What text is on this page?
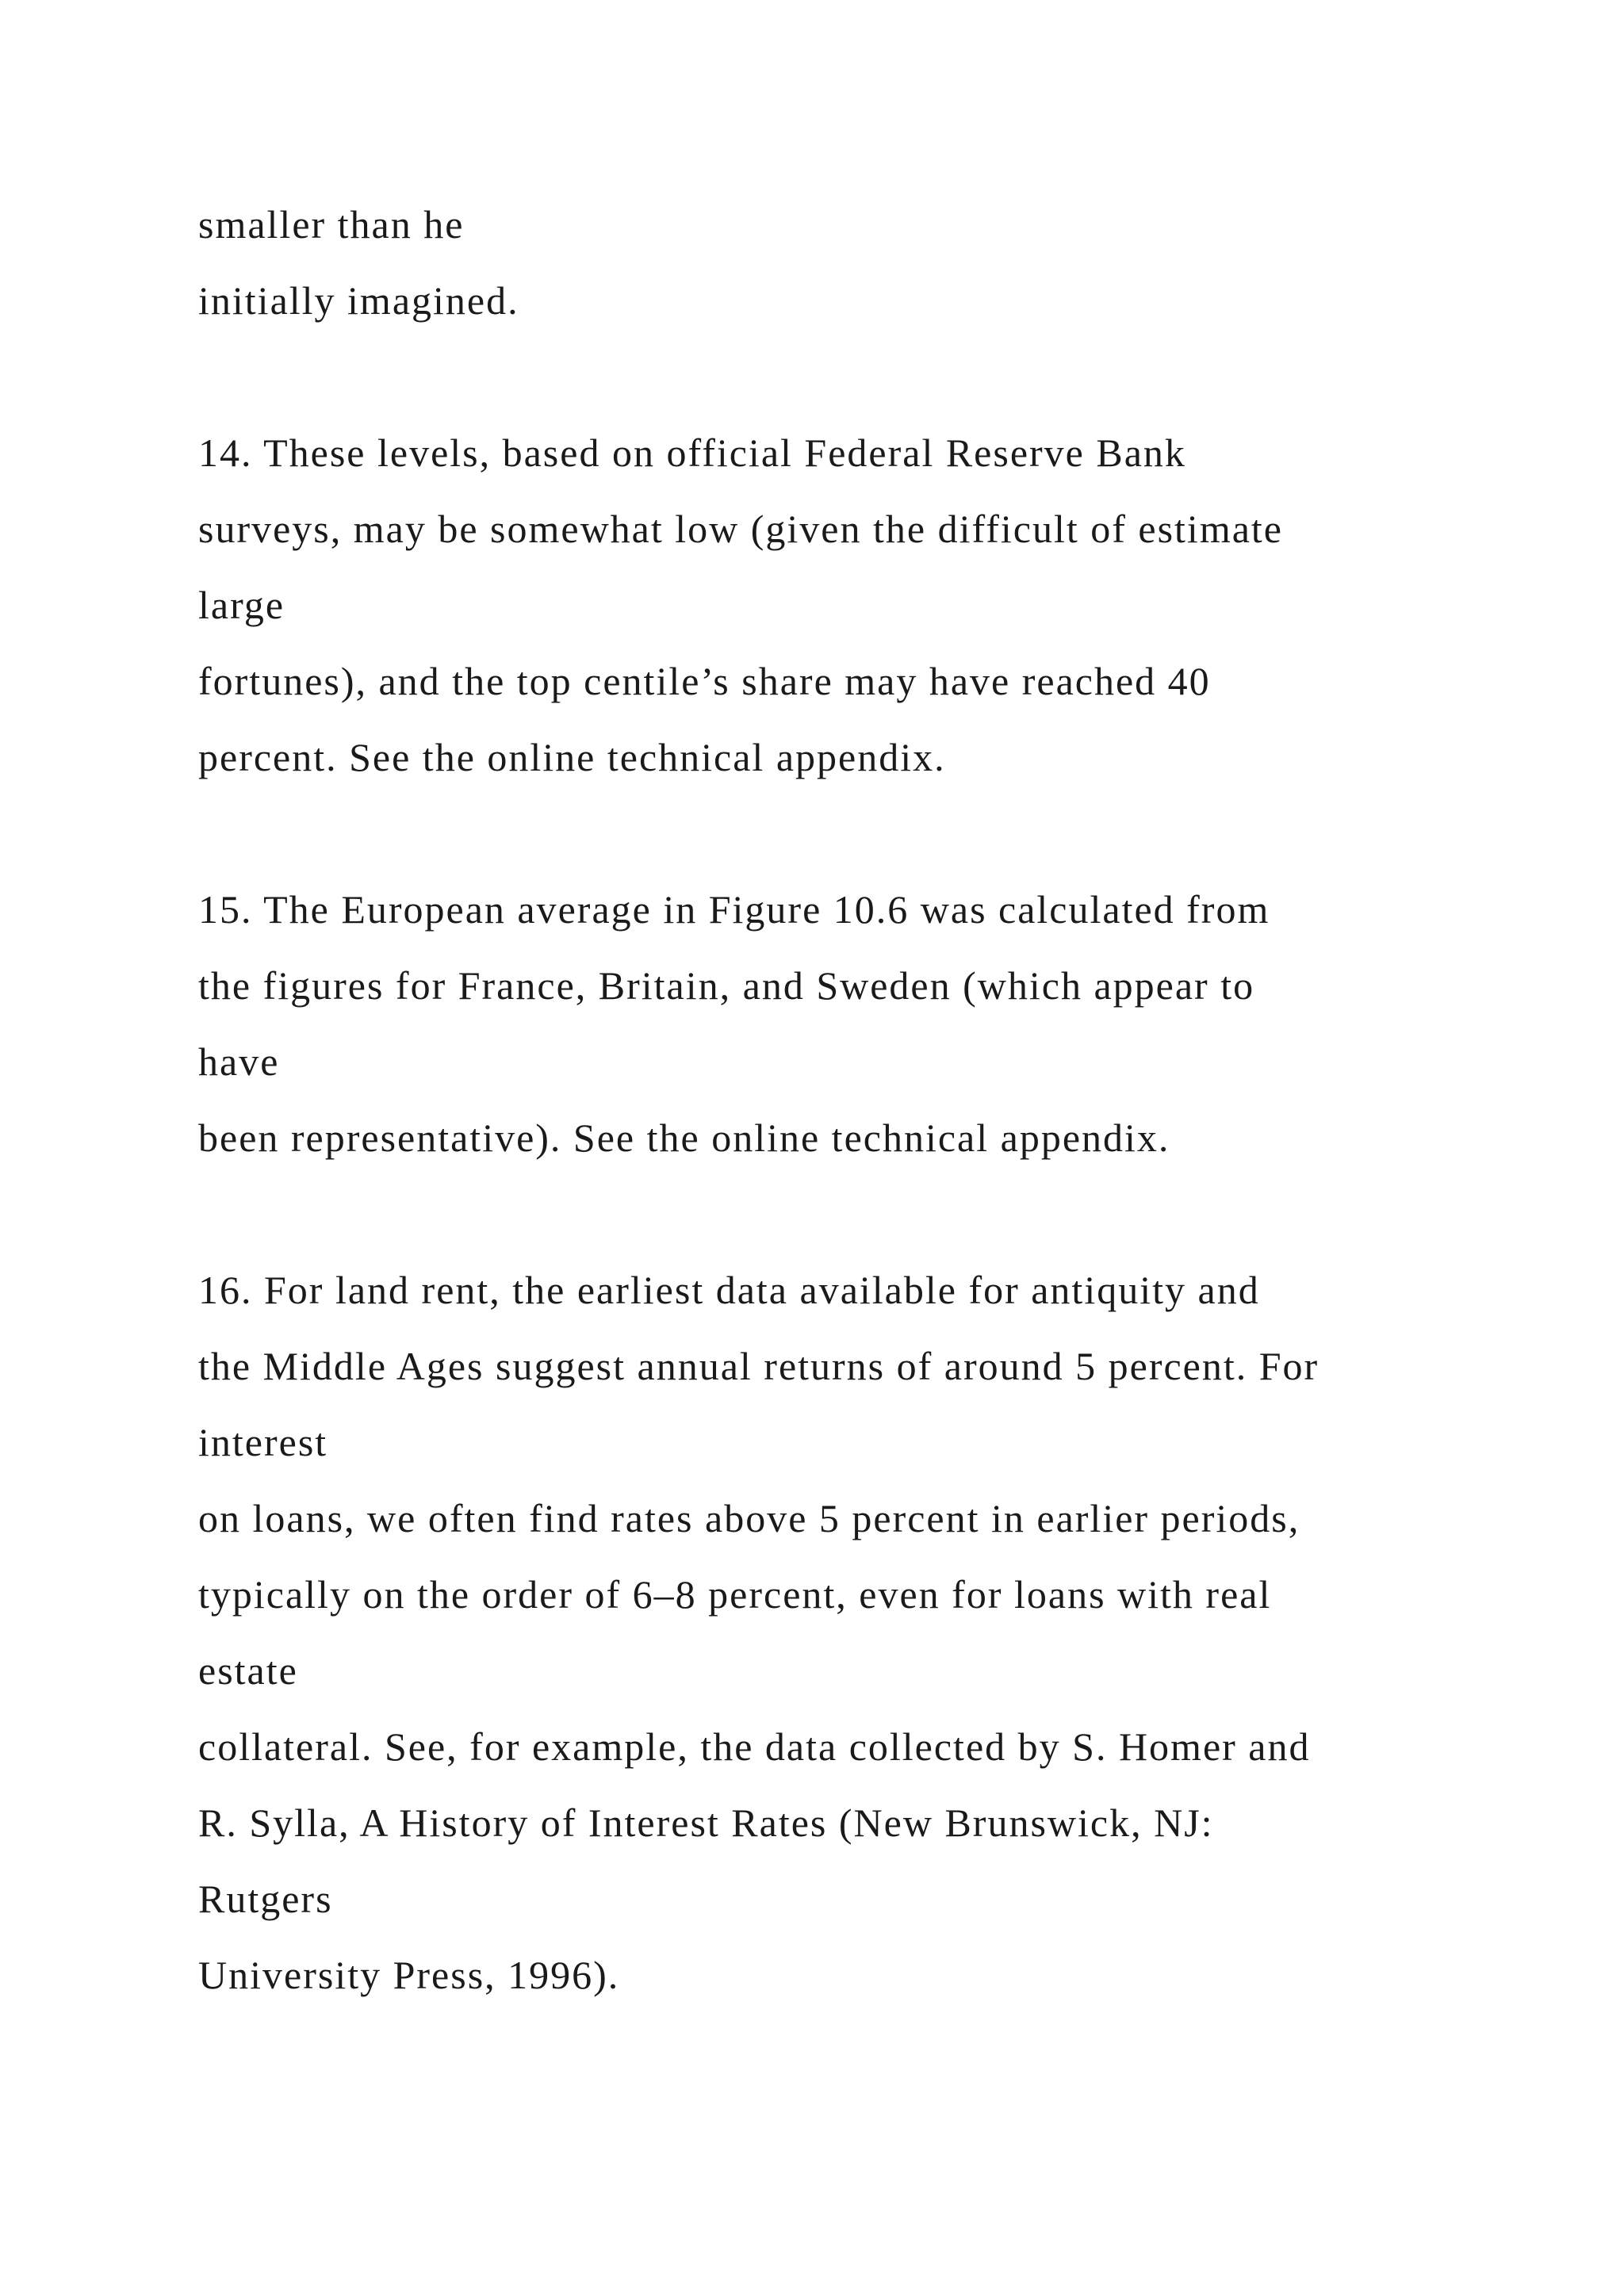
smaller than he
initially imagined.
14. These levels, based on official Federal Reserve Bank
surveys, may be somewhat low (given the difficult of estimate
large
fortunes), and the top centile’s share may have reached 40
percent. See the online technical appendix.
15. The European average in Figure 10.6 was calculated from
the figures for France, Britain, and Sweden (which appear to
have
been representative). See the online technical appendix.
16. For land rent, the earliest data available for antiquity and
the Middle Ages suggest annual returns of around 5 percent. For
interest
on loans, we often find rates above 5 percent in earlier periods,
typically on the order of 6–8 percent, even for loans with real
estate
collateral. See, for example, the data collected by S. Homer and
R. Sylla, A History of Interest Rates (New Brunswick, NJ:
Rutgers
University Press, 1996).
